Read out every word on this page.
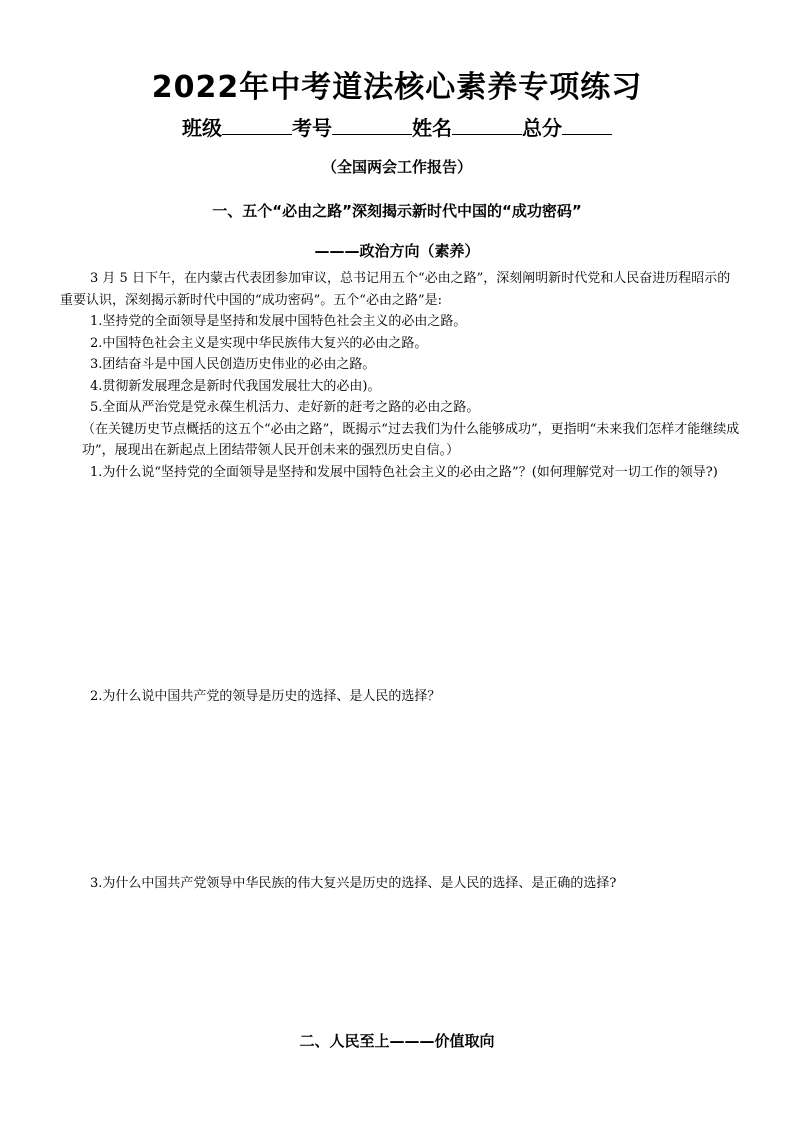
2022年中考道法核心素养专项练习
班级	考号	姓名	总分
（全国两会工作报告）
一、五个“必由之路”深刻揭示新时代中国的“成功密码”
———政治方向（素养）

3 月 5 日下午，在内蒙古代表团参加审议，总书记用五个“必由之路”，深刻阐明新时代党和人民奋进历程昭示的重要认识，深刻揭示新时代中国的“成功密码”。五个“必由之路”是:

1.坚持党的全面领导是坚持和发展中国特色社会主义的必由之路。

2.中国特色社会主义是实现中华民族伟大复兴的必由之路。

3.团结奋斗是中国人民创造历史伟业的必由之路。

4.贯彻新发展理念是新时代我国发展壮大的必由)。

5.全面从严治党是党永葆生机活力、走好新的赶考之路的必由之路。

（在关键历史节点概括的这五个“必由之路”，既揭示“过去我们为什么能够成功”，更指明“未来我们怎样才能继续成功”，展现出在新起点上团结带领人民开创未来的强烈历史自信。）

1.为什么说“坚持党的全面领导是坚持和发展中国特色社会主义的必由之路”？(如何理解党对一切工作的领导?)

2.为什么说中国共产党的领导是历史的选择、是人民的选择？
3.为什么中国共产党领导中华民族的伟大复兴是历史的选择、是人民的选择、是正确的选择?
二、人民至上———价值取向
